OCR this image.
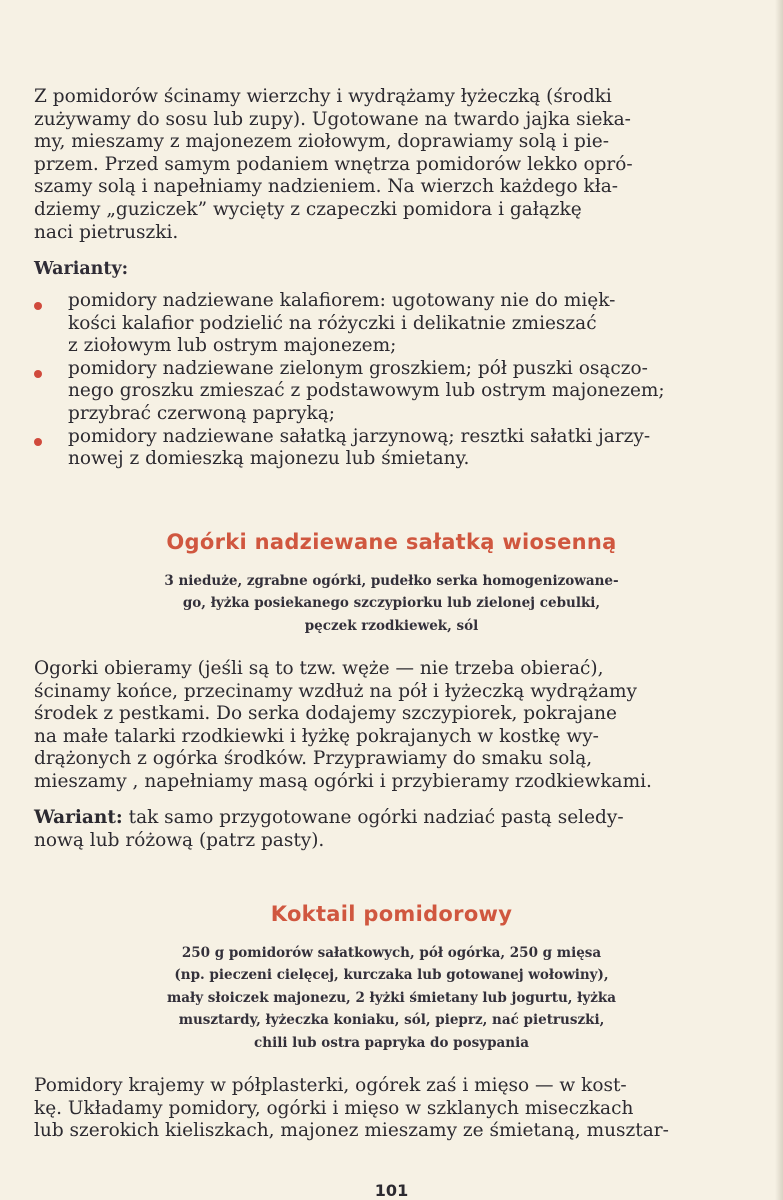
Z pomidorów ścinamy wierzchy i wydrążamy łyżeczką (środki
zużywamy do sosu lub zupy). Ugotowane na twardo jajka sieka-
my, mieszamy z majonezem ziołowym, doprawiamy solą i pie-
przem. Przed samym podaniem wnętrza pomidorów lekko opró-
szamy solą i napełniamy nadzieniem. Na wierzch każdego kła-
dziemy „guziczek” wycięty z czapeczki pomidora i gałązkę
naci pietruszki.

Warianty:
pomidory nadziewane kalafiorem: ugotowany nie do mięk-
kości kalafior podzielić na różyczki i delikatnie zmieszać
z ziołowym lub ostrym majonezem;
pomidory nadziewane zielonym groszkiem; pół puszki osączo-
nego groszku zmieszać z podstawowym lub ostrym majonezem;
przybrać czerwoną papryką;
pomidory nadziewane sałatką jarzynową; resztki sałatki jarzy-
nowej z domieszką majonezu lub śmietany.
Ogórki nadziewane sałatką wiosenną
3 nieduże, zgrabne ogórki, pudełko serka homogenizowane-
go, łyżka posiekanego szczypiorku lub zielonej cebulki,
pęczek rzodkiewek, sól

Ogorki obieramy (jeśli są to tzw. węże — nie trzeba obierać),
ścinamy końce, przecinamy wzdłuż na pół i łyżeczką wydrążamy
środek z pestkami. Do serka dodajemy szczypiorek, pokrajane
na małe talarki rzodkiewki i łyżkę pokrajanych w kostkę wy-
drążonych z ogórka środków. Przyprawiamy do smaku solą,
mieszamy , napełniamy masą ogórki i przybieramy rzodkiewkami.

Wariant: tak samo przygotowane ogórki nadziać pastą seledy-
nową lub różową (patrz pasty).

Koktail pomidorowy
250 g pomidorów sałatkowych, pół ogórka, 250 g mięsa
(np. pieczeni cielęcej, kurczaka lub gotowanej wołowiny),
mały słoiczek majonezu, 2 łyżki śmietany lub jogurtu, łyżka
musztardy, łyżeczka koniaku, sól, pieprz, nać pietruszki,
chili lub ostra papryka do posypania

Pomidory krajemy w półplasterki, ogórek zaś i mięso — w kost-
kę. Układamy pomidory, ogórki i mięso w szklanych miseczkach
lub szerokich kieliszkach, majonez mieszamy ze śmietaną, musztar-

101
